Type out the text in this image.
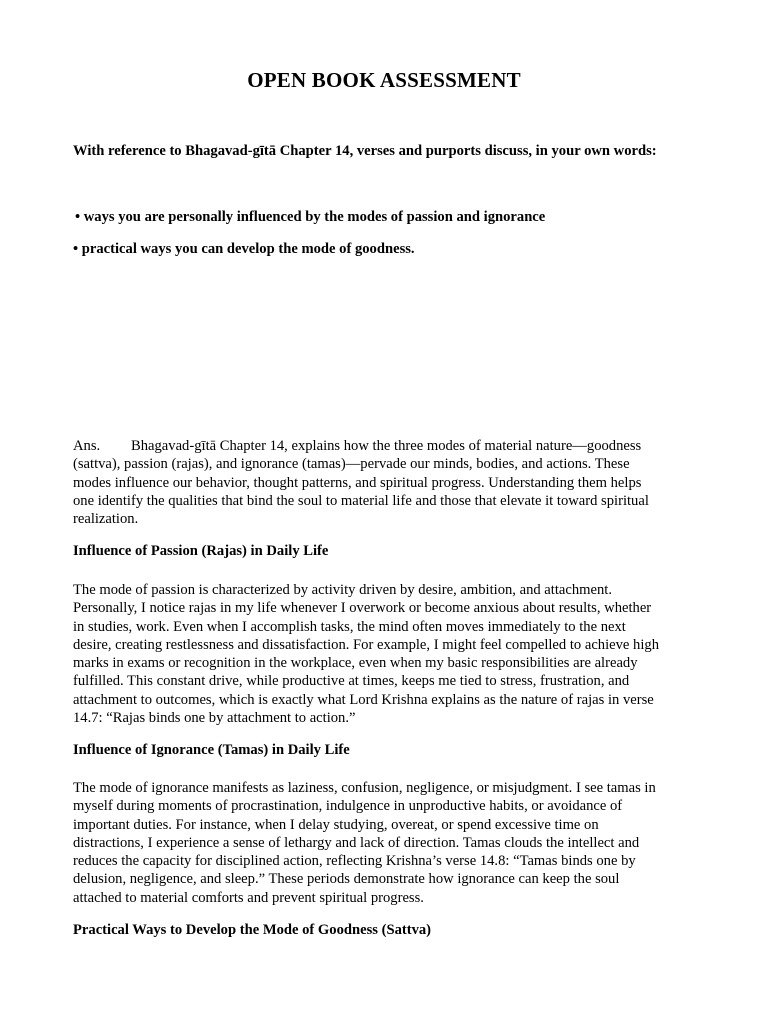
OPEN BOOK ASSESSMENT

With reference to Bhagavad-gītā Chapter 14, verses and purports discuss, in your own words:

• ways you are personally influenced by the modes of passion and ignorance

• practical ways you can develop the mode of goodness.

Ans. Bhagavad-gītā Chapter 14, explains how the three modes of material nature—goodness
(sattva), passion (rajas), and ignorance (tamas)—pervade our minds, bodies, and actions. These
modes influence our behavior, thought patterns, and spiritual progress. Understanding them helps
one identify the qualities that bind the soul to material life and those that elevate it toward spiritual
realization.
Influence of Passion (Rajas) in Daily Life
The mode of passion is characterized by activity driven by desire, ambition, and attachment.
Personally, I notice rajas in my life whenever I overwork or become anxious about results, whether
in studies, work. Even when I accomplish tasks, the mind often moves immediately to the next
desire, creating restlessness and dissatisfaction. For example, I might feel compelled to achieve high
marks in exams or recognition in the workplace, even when my basic responsibilities are already
fulfilled. This constant drive, while productive at times, keeps me tied to stress, frustration, and
attachment to outcomes, which is exactly what Lord Krishna explains as the nature of rajas in verse
14.7: “Rajas binds one by attachment to action.”
Influence of Ignorance (Tamas) in Daily Life
The mode of ignorance manifests as laziness, confusion, negligence, or misjudgment. I see tamas in
myself during moments of procrastination, indulgence in unproductive habits, or avoidance of
important duties. For instance, when I delay studying, overeat, or spend excessive time on
distractions, I experience a sense of lethargy and lack of direction. Tamas clouds the intellect and
reduces the capacity for disciplined action, reflecting Krishna’s verse 14.8: “Tamas binds one by
delusion, negligence, and sleep.” These periods demonstrate how ignorance can keep the soul
attached to material comforts and prevent spiritual progress.
Practical Ways to Develop the Mode of Goodness (Sattva)
